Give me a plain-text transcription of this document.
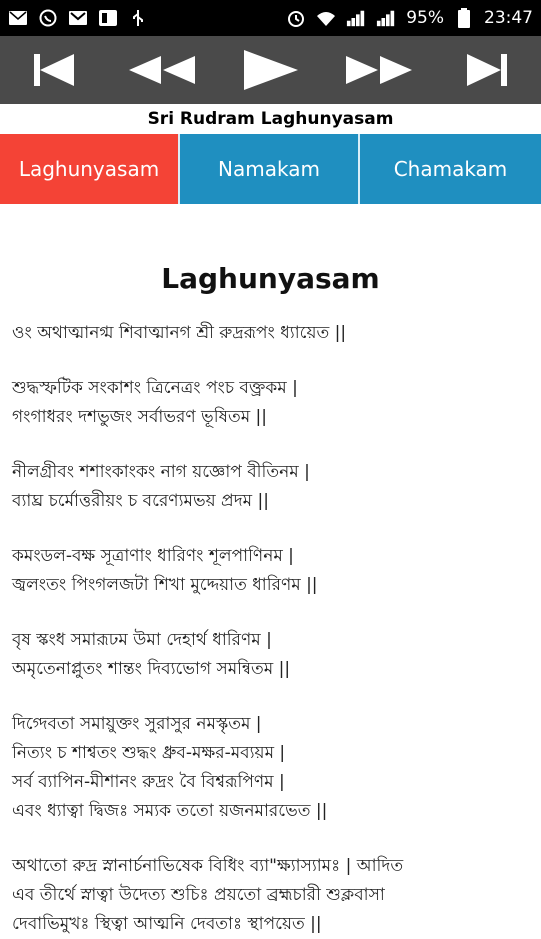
95% 23:47
Sri Rudram Laghunyasam
Laghunyasam	Namakam	Chamakam
Laghunyasam
ওং অথাত্মানগ্ম শিবাত্মানগ শ্রী রুদ্ররূপং ধ্যায়েত ||
শুদ্ধস্ফটিক সংকাশং ত্রিনেত্রং পংচ বক্ত্রকম |
গংগাধরং দশভুজং সর্বাভরণ ভূষিতম ||
নীলগ্রীবং শশাংকাংকং নাগ য়জ্ঞোপ বীতিনম |
ব্যাঘ্র চর্মোত্তরীয়ং চ বরেণ্যমভয় প্রদম ||
কমংডল-বক্ষ সূত্রাণাং ধারিণং শূলপাণিনম |
জ্বলংতং পিংগলজটা শিখা মুদ্দেয়াত ধারিণম ||
বৃষ স্কংধ সমারূঢম উমা দেহার্থ ধারিণম |
অমৃতেনাপ্লুতং শান্তং দিব্যভোগ সমন্বিতম ||
দিগ্দেবতা সমায়ুক্তং সুরাসুর নমস্কৃতম |
নিত্যং চ শাশ্বতং শুদ্ধং ধ্রুব-মক্ষর-মব্যয়ম |
সর্ব ব্যাপিন-মীশানং রুদ্রং বৈ বিশ্বরূপিণম |
এবং ধ্যাত্বা দ্বিজঃ সম্যক ততো য়জনমারভেত ||
অথাতো রুদ্র স্নানার্চনাভিষেক বিধিং ব্যা"ক্ষ্যাস্যামঃ | আদিত
এব তীর্থে স্নাত্বা উদেত্য শুচিঃ প্রয়তো ব্রহ্মচারী শুক্লবাসা
দেবাভিমুখঃ স্থিত্বা আত্মনি দেবতাঃ স্থাপয়েত ||
